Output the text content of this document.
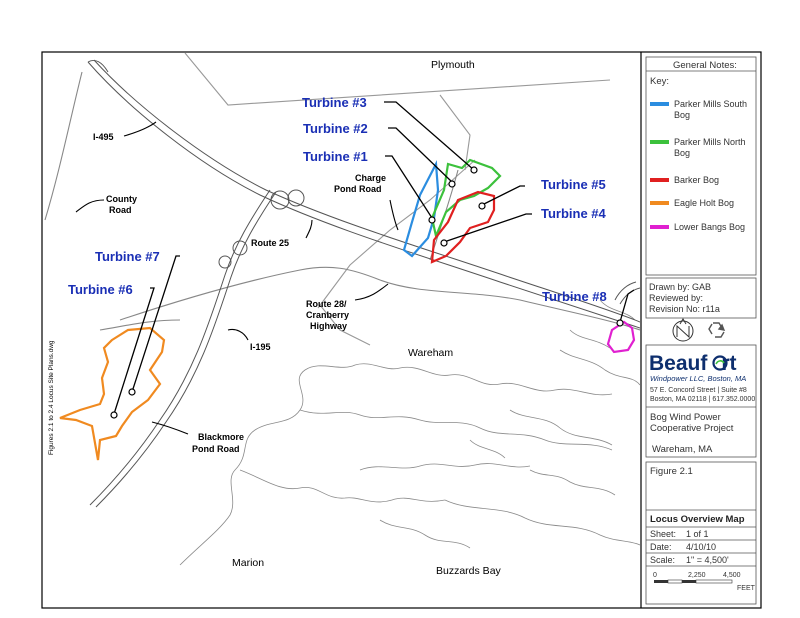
Plymouth
Wareham
Marion
Buzzards Bay
I-495
County
Road
Charge
Pond Road
Route 25
Route 28/
Cranberry
Highway
I-195
Blackmore
Pond Road
Turbine #3
Turbine #2
Turbine #1
Turbine #5
Turbine #4
Turbine #7
Turbine #6	Turbine #8
Figures 2.1 to 2.4 Locus Site Plans.dwg
General Notes:
Key:
Parker Mills South
Bog
Parker Mills North
Bog
Barker Bog
Eagle Holt Bog
Lower Bangs Bog
Drawn by: GAB
Reviewed by:
Revision No: r11a
Beauf rt
Windpower LLC, Boston, MA
57 E. Concord Street | Suite #8
Boston, MA 02118 | 617.352.0000
Bog Wind Power
Cooperative Project
Wareham, MA
Figure 2.1
Locus Overview Map
Sheet: 1 of 1
Date: 4/10/10
Scale: 1" = 4,500'
0	2,250 4,500
FEET
